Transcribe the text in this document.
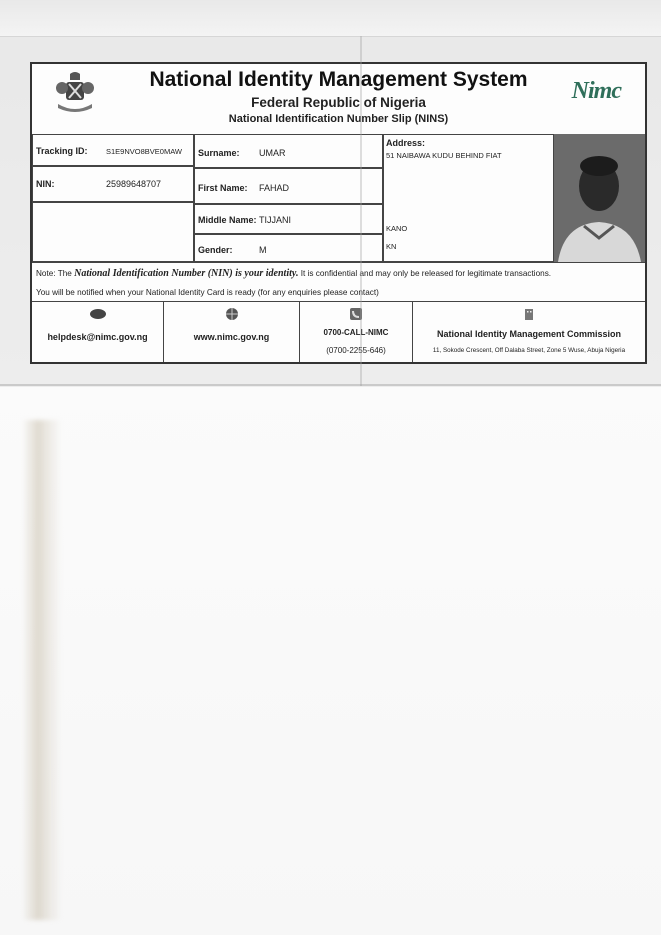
National Identity Management System
Federal Republic of Nigeria
National Identification Number Slip (NINS)
Nimc
Tracking ID: S1E9NVO8BVE0MAW
NIN:	25989648707
Surname: UMAR
First Name: FAHAD
Middle Name: TIJJANI
Gender:	M
Address:
51 NAIBAWA KUDU BEHIND FIAT
KANO
KN
Note: The National Identification Number (NIN) is your identity. It is confidential and may only be released for legitimate transactions.
You will be notified when your National Identity Card is ready (for any enquiries please contact)
helpdesk@nimc.gov.ng	www.nimc.gov.ng	0700-CALL-NIMC
(0700-2255-646)
National Identity Management Commission
11, Sokode Crescent, Off Dalaba Street, Zone 5 Wuse, Abuja Nigeria
